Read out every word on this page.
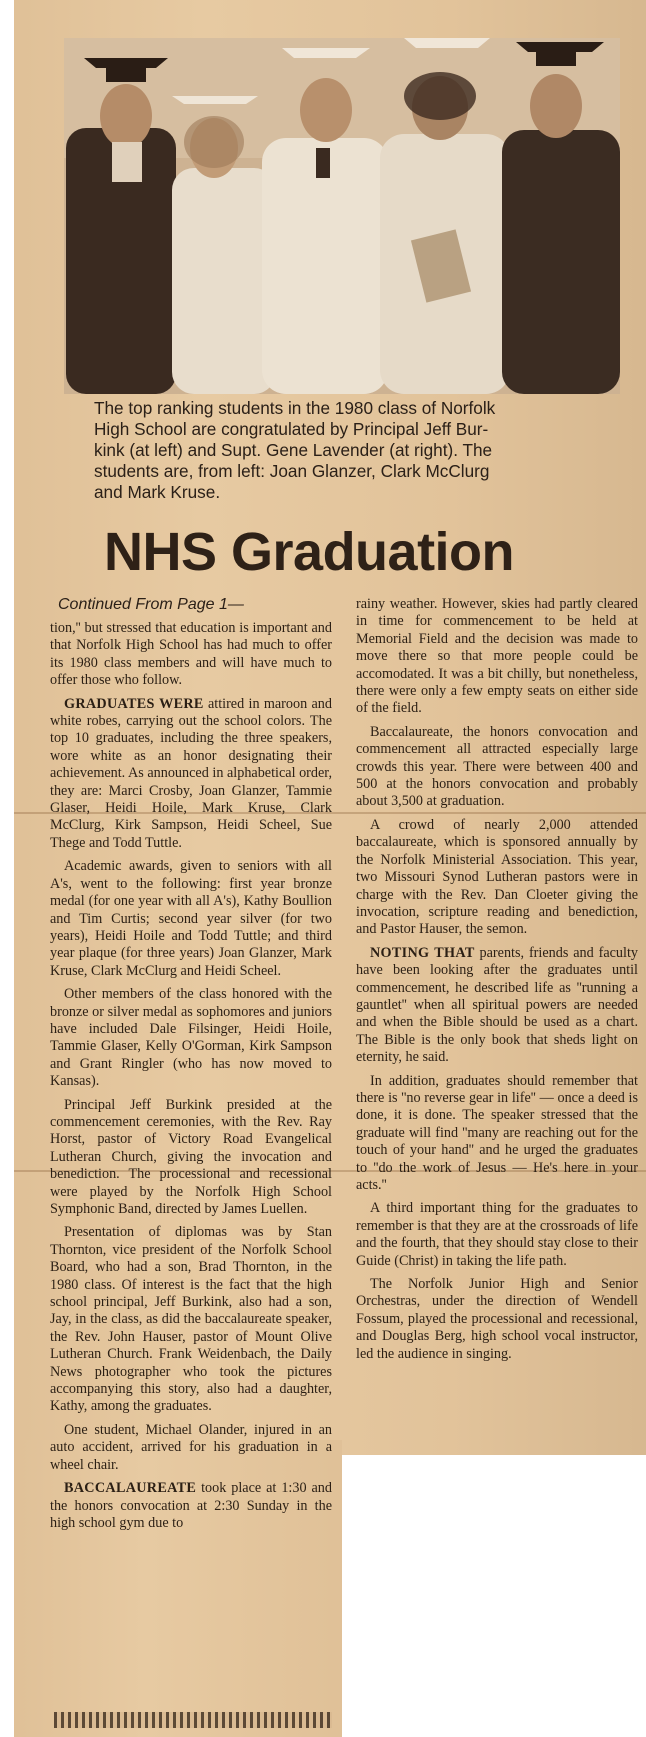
The top ranking students in the 1980 class of Norfolk
High School are congratulated by Principal Jeff Bur-
kink (at left) and Supt. Gene Lavender (at right). The
students are, from left: Joan Glanzer, Clark McClurg
and Mark Kruse.

NHS Graduation

Continued From Page 1—

tion,'' but stressed that education is important and that Norfolk High School has had much to offer its 1980 class members and will have much to offer those who follow.

GRADUATES WERE attired in maroon and white robes, carrying out the school colors. The top 10 graduates, including the three speakers, wore white as an honor designating their achievement. As announced in alphabetical order, they are: Marci Crosby, Joan Glanzer, Tammie Glaser, Heidi Hoile, Mark Kruse, Clark McClurg, Kirk Sampson, Heidi Scheel, Sue Thege and Todd Tuttle.

Academic awards, given to seniors with all A's, went to the following: first year bronze medal (for one year with all A's), Kathy Boullion and Tim Curtis; second year silver (for two years), Heidi Hoile and Todd Tuttle; and third year plaque (for three years) Joan Glanzer, Mark Kruse, Clark McClurg and Heidi Scheel.

Other members of the class honored with the bronze or silver medal as sophomores and juniors have included Dale Filsinger, Heidi Hoile, Tammie Glaser, Kelly O'Gorman, Kirk Sampson and Grant Ringler (who has now moved to Kansas).

Principal Jeff Burkink presided at the commencement ceremonies, with the Rev. Ray Horst, pastor of Victory Road Evangelical Lutheran Church, giving the invocation and benediction. The processional and recessional were played by the Norfolk High School Symphonic Band, directed by James Luellen.

Presentation of diplomas was by Stan Thornton, vice president of the Norfolk School Board, who had a son, Brad Thornton, in the 1980 class. Of interest is the fact that the high school principal, Jeff Burkink, also had a son, Jay, in the class, as did the baccalaureate speaker, the Rev. John Hauser, pastor of Mount Olive Lutheran Church. Frank Weidenbach, the Daily News photographer who took the pictures accompanying this story, also had a daughter, Kathy, among the graduates.

One student, Michael Olander, injured in an auto accident, arrived for his graduation in a wheel chair.

BACCALAUREATE took place at 1:30 and the honors convocation at 2:30 Sunday in the high school gym due to

rainy weather. However, skies had partly cleared in time for commencement to be held at Memorial Field and the decision was made to move there so that more people could be accomodated. It was a bit chilly, but nonetheless, there were only a few empty seats on either side of the field.

Baccalaureate, the honors convocation and commencement all attracted especially large crowds this year. There were between 400 and 500 at the honors convocation and probably about 3,500 at graduation.

A crowd of nearly 2,000 attended baccalaureate, which is sponsored annually by the Norfolk Ministerial Association. This year, two Missouri Synod Lutheran pastors were in charge with the Rev. Dan Cloeter giving the invocation, scripture reading and benediction, and Pastor Hauser, the semon.

NOTING THAT parents, friends and faculty have been looking after the graduates until commencement, he described life as ''running a gauntlet'' when all spiritual powers are needed and when the Bible should be used as a chart. The Bible is the only book that sheds light on eternity, he said.

In addition, graduates should remember that there is ''no reverse gear in life'' — once a deed is done, it is done. The speaker stressed that the graduate will find ''many are reaching out for the touch of your hand'' and he urged the graduates to ''do the work of Jesus — He's here in your acts.''

A third important thing for the graduates to remember is that they are at the crossroads of life and the fourth, that they should stay close to their Guide (Christ) in taking the life path.

The Norfolk Junior High and Senior Orchestras, under the direction of Wendell Fossum, played the processional and recessional, and Douglas Berg, high school vocal instructor, led the audience in singing.
